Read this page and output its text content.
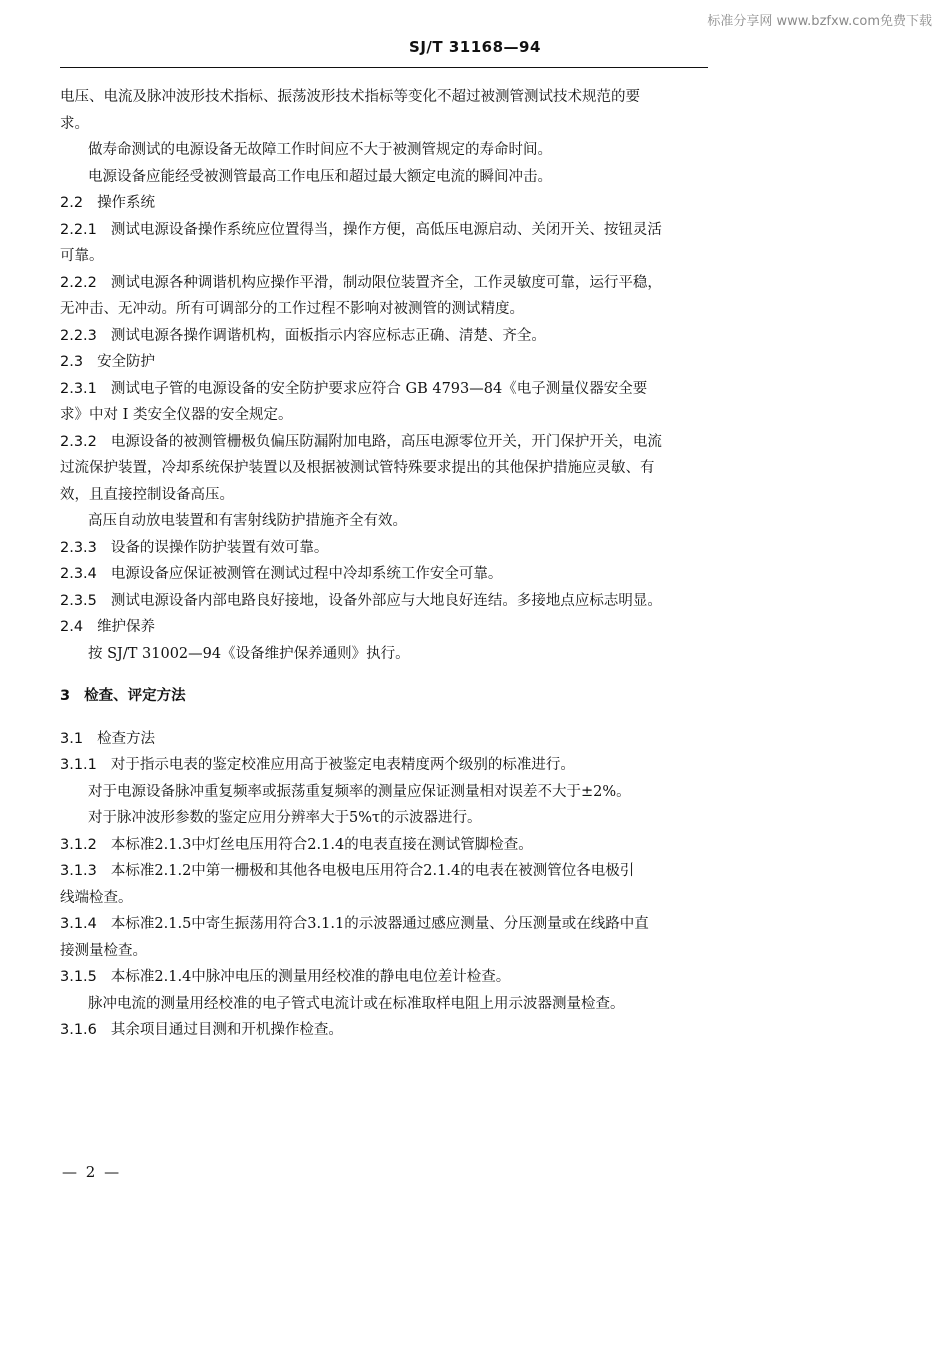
标准分享网 www.bzfxw.com免费下载
SJ/T 31168—94
电压、电流及脉冲波形技术指标、振荡波形技术指标等变化不超过被测管测试技术规范的要
求。
做寿命测试的电源设备无故障工作时间应不大于被测管规定的寿命时间。
电源设备应能经受被测管最高工作电压和超过最大额定电流的瞬间冲击。
2.2 操作系统
2.2.1 测试电源设备操作系统应位置得当，操作方便，高低压电源启动、关闭开关、按钮灵活
可靠。
2.2.2 测试电源各种调谐机构应操作平滑，制动限位装置齐全，工作灵敏度可靠，运行平稳，
无冲击、无冲动。所有可调部分的工作过程不影响对被测管的测试精度。
2.2.3 测试电源各操作调谐机构，面板指示内容应标志正确、清楚、齐全。
2.3 安全防护
2.3.1 测试电子管的电源设备的安全防护要求应符合 GB 4793—84《电子测量仪器安全要
求》中对 I 类安全仪器的安全规定。
2.3.2 电源设备的被测管栅极负偏压防漏附加电路，高压电源零位开关，开门保护开关，电流
过流保护装置，冷却系统保护装置以及根据被测试管特殊要求提出的其他保护措施应灵敏、有
效，且直接控制设备高压。
高压自动放电装置和有害射线防护措施齐全有效。
2.3.3 设备的误操作防护装置有效可靠。
2.3.4 电源设备应保证被测管在测试过程中冷却系统工作安全可靠。
2.3.5 测试电源设备内部电路良好接地，设备外部应与大地良好连结。多接地点应标志明显。
2.4 维护保养
按 SJ/T 31002—94《设备维护保养通则》执行。
3 检查、评定方法
3.1 检查方法
3.1.1 对于指示电表的鉴定校准应用高于被鉴定电表精度两个级别的标准进行。
对于电源设备脉冲重复频率或振荡重复频率的测量应保证测量相对误差不大于±2%。
对于脉冲波形参数的鉴定应用分辨率大于5%τ的示波器进行。
3.1.2 本标准2.1.3中灯丝电压用符合2.1.4的电表直接在测试管脚检查。
3.1.3 本标准2.1.2中第一栅极和其他各电极电压用符合2.1.4的电表在被测管位各电极引
线端检查。
3.1.4 本标准2.1.5中寄生振荡用符合3.1.1的示波器通过感应测量、分压测量或在线路中直
接测量检查。
3.1.5 本标准2.1.4中脉冲电压的测量用经校准的静电电位差计检查。
脉冲电流的测量用经校准的电子管式电流计或在标准取样电阻上用示波器测量检查。
3.1.6 其余项目通过目测和开机操作检查。
— 2 —
